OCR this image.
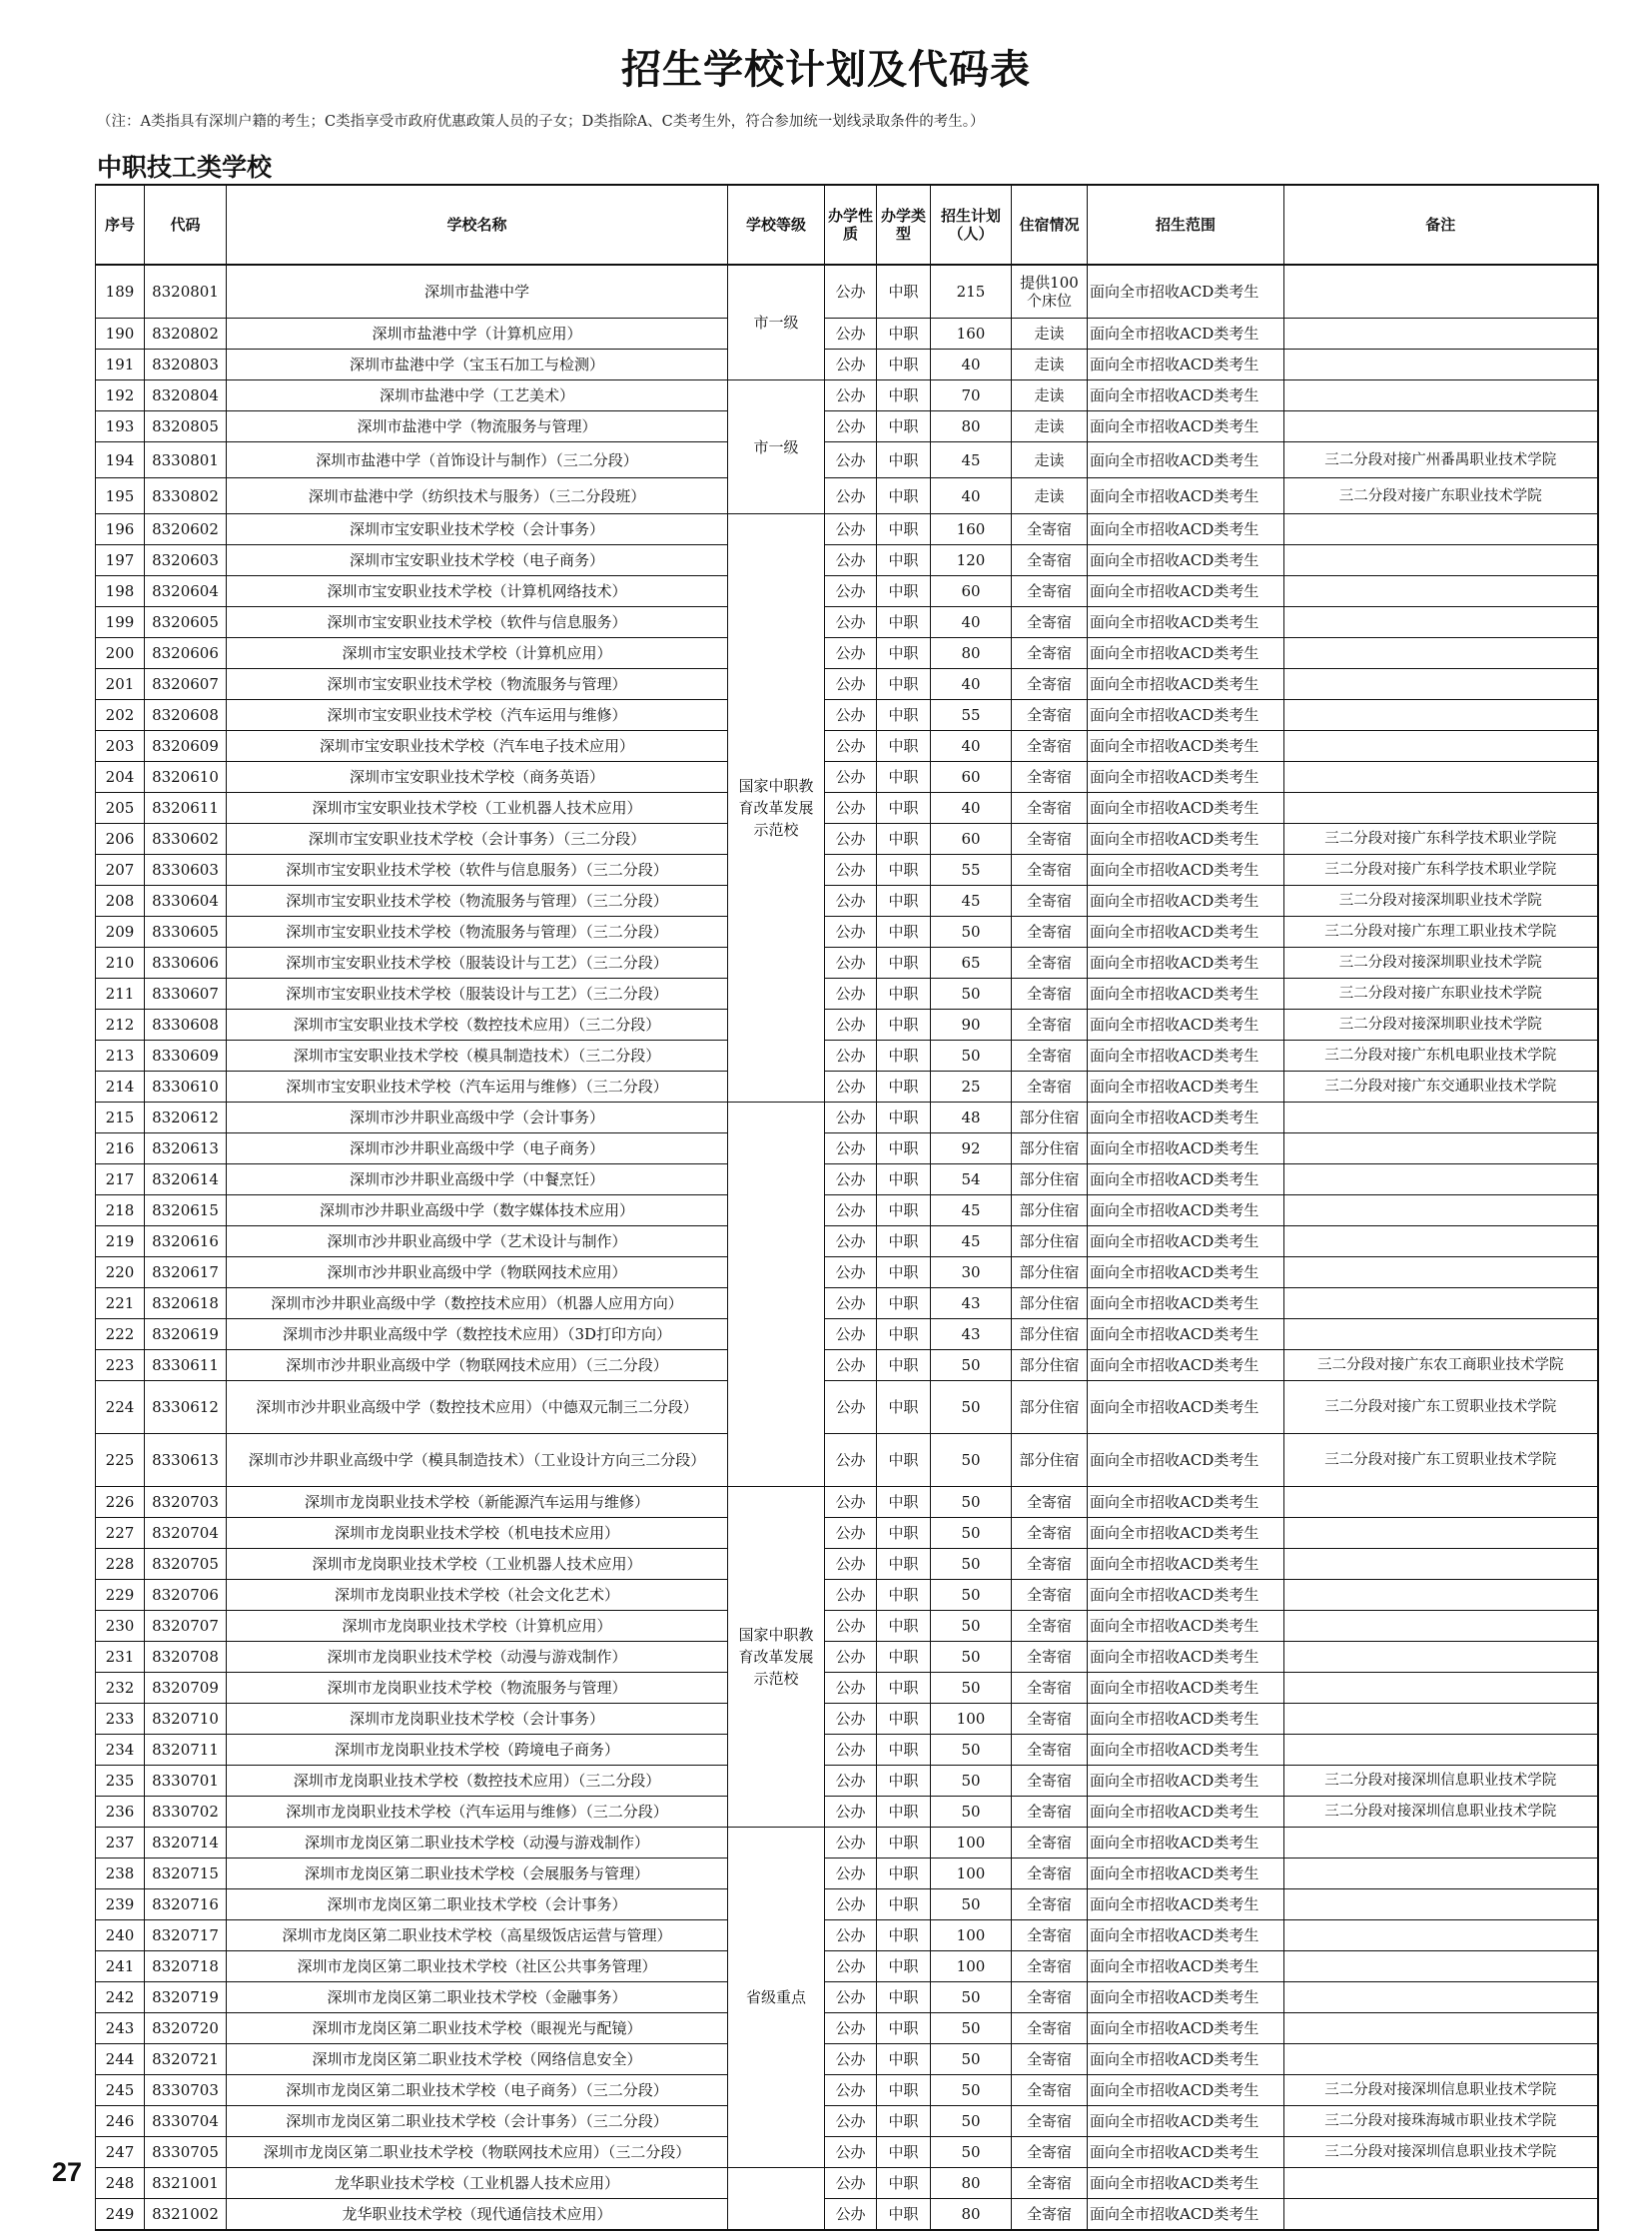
招生学校计划及代码表
（注：A类指具有深圳户籍的考生；C类指享受市政府优惠政策人员的子女；D类指除A、C类考生外，符合参加统一划线录取条件的考生。）
中职技工类学校
序号	代码	学校名称	学校等级	办学性质	办学类型	招生计划（人）	住宿情况	招生范围	备注
189	8320801	深圳市盐港中学	市一级	公办	中职	215	提供100个床位	面向全市招收ACD类考生	
190	8320802	深圳市盐港中学（计算机应用）		公办	中职	160	走读	面向全市招收ACD类考生	
191	8320803	深圳市盐港中学（宝玉石加工与检测）		公办	中职	40	走读	面向全市招收ACD类考生	
192	8320804	深圳市盐港中学（工艺美术）	市一级	公办	中职	70	走读	面向全市招收ACD类考生	
193	8320805	深圳市盐港中学（物流服务与管理）		公办	中职	80	走读	面向全市招收ACD类考生	
194	8330801	深圳市盐港中学（首饰设计与制作）（三二分段）		公办	中职	45	走读	面向全市招收ACD类考生	三二分段对接广州番禺职业技术学院
195	8330802	深圳市盐港中学（纺织技术与服务）（三二分段班）		公办	中职	40	走读	面向全市招收ACD类考生	三二分段对接广东职业技术学院
196	8320602	深圳市宝安职业技术学校（会计事务）	国家中职教育改革发展示范校	公办	中职	160	全寄宿	面向全市招收ACD类考生	
197	8320603	深圳市宝安职业技术学校（电子商务）		公办	中职	120	全寄宿	面向全市招收ACD类考生	
198	8320604	深圳市宝安职业技术学校（计算机网络技术）		公办	中职	60	全寄宿	面向全市招收ACD类考生	
199	8320605	深圳市宝安职业技术学校（软件与信息服务）		公办	中职	40	全寄宿	面向全市招收ACD类考生	
200	8320606	深圳市宝安职业技术学校（计算机应用）		公办	中职	80	全寄宿	面向全市招收ACD类考生	
201	8320607	深圳市宝安职业技术学校（物流服务与管理）		公办	中职	40	全寄宿	面向全市招收ACD类考生	
202	8320608	深圳市宝安职业技术学校（汽车运用与维修）		公办	中职	55	全寄宿	面向全市招收ACD类考生	
203	8320609	深圳市宝安职业技术学校（汽车电子技术应用）		公办	中职	40	全寄宿	面向全市招收ACD类考生	
204	8320610	深圳市宝安职业技术学校（商务英语）		公办	中职	60	全寄宿	面向全市招收ACD类考生	
205	8320611	深圳市宝安职业技术学校（工业机器人技术应用）		公办	中职	40	全寄宿	面向全市招收ACD类考生	
206	8330602	深圳市宝安职业技术学校（会计事务）（三二分段）		公办	中职	60	全寄宿	面向全市招收ACD类考生	三二分段对接广东科学技术职业学院
207	8330603	深圳市宝安职业技术学校（软件与信息服务）（三二分段）		公办	中职	55	全寄宿	面向全市招收ACD类考生	三二分段对接广东科学技术职业学院
208	8330604	深圳市宝安职业技术学校（物流服务与管理）（三二分段）		公办	中职	45	全寄宿	面向全市招收ACD类考生	三二分段对接深圳职业技术学院
209	8330605	深圳市宝安职业技术学校（物流服务与管理）（三二分段）		公办	中职	50	全寄宿	面向全市招收ACD类考生	三二分段对接广东理工职业技术学院
210	8330606	深圳市宝安职业技术学校（服装设计与工艺）（三二分段）		公办	中职	65	全寄宿	面向全市招收ACD类考生	三二分段对接深圳职业技术学院
211	8330607	深圳市宝安职业技术学校（服装设计与工艺）（三二分段）		公办	中职	50	全寄宿	面向全市招收ACD类考生	三二分段对接广东职业技术学院
212	8330608	深圳市宝安职业技术学校（数控技术应用）（三二分段）		公办	中职	90	全寄宿	面向全市招收ACD类考生	三二分段对接深圳职业技术学院
213	8330609	深圳市宝安职业技术学校（模具制造技术）（三二分段）		公办	中职	50	全寄宿	面向全市招收ACD类考生	三二分段对接广东机电职业技术学院
214	8330610	深圳市宝安职业技术学校（汽车运用与维修）（三二分段）		公办	中职	25	全寄宿	面向全市招收ACD类考生	三二分段对接广东交通职业技术学院
215	8320612	深圳市沙井职业高级中学（会计事务）		公办	中职	48	部分住宿	面向全市招收ACD类考生	
216	8320613	深圳市沙井职业高级中学（电子商务）		公办	中职	92	部分住宿	面向全市招收ACD类考生	
217	8320614	深圳市沙井职业高级中学（中餐烹饪）		公办	中职	54	部分住宿	面向全市招收ACD类考生	
218	8320615	深圳市沙井职业高级中学（数字媒体技术应用）		公办	中职	45	部分住宿	面向全市招收ACD类考生	
219	8320616	深圳市沙井职业高级中学（艺术设计与制作）		公办	中职	45	部分住宿	面向全市招收ACD类考生	
220	8320617	深圳市沙井职业高级中学（物联网技术应用）		公办	中职	30	部分住宿	面向全市招收ACD类考生	
221	8320618	深圳市沙井职业高级中学（数控技术应用）（机器人应用方向）		公办	中职	43	部分住宿	面向全市招收ACD类考生	
222	8320619	深圳市沙井职业高级中学（数控技术应用）（3D打印方向）		公办	中职	43	部分住宿	面向全市招收ACD类考生	
223	8330611	深圳市沙井职业高级中学（物联网技术应用）（三二分段）		公办	中职	50	部分住宿	面向全市招收ACD类考生	三二分段对接广东农工商职业技术学院
224	8330612	深圳市沙井职业高级中学（数控技术应用）（中德双元制三二分段）		公办	中职	50	部分住宿	面向全市招收ACD类考生	三二分段对接广东工贸职业技术学院
225	8330613	深圳市沙井职业高级中学（模具制造技术）（工业设计方向三二分段）		公办	中职	50	部分住宿	面向全市招收ACD类考生	三二分段对接广东工贸职业技术学院
226	8320703	深圳市龙岗职业技术学校（新能源汽车运用与维修）	国家中职教育改革发展示范校	公办	中职	50	全寄宿	面向全市招收ACD类考生	
227	8320704	深圳市龙岗职业技术学校（机电技术应用）		公办	中职	50	全寄宿	面向全市招收ACD类考生	
228	8320705	深圳市龙岗职业技术学校（工业机器人技术应用）		公办	中职	50	全寄宿	面向全市招收ACD类考生	
229	8320706	深圳市龙岗职业技术学校（社会文化艺术）		公办	中职	50	全寄宿	面向全市招收ACD类考生	
230	8320707	深圳市龙岗职业技术学校（计算机应用）		公办	中职	50	全寄宿	面向全市招收ACD类考生	
231	8320708	深圳市龙岗职业技术学校（动漫与游戏制作）		公办	中职	50	全寄宿	面向全市招收ACD类考生	
232	8320709	深圳市龙岗职业技术学校（物流服务与管理）		公办	中职	50	全寄宿	面向全市招收ACD类考生	
233	8320710	深圳市龙岗职业技术学校（会计事务）		公办	中职	100	全寄宿	面向全市招收ACD类考生	
234	8320711	深圳市龙岗职业技术学校（跨境电子商务）		公办	中职	50	全寄宿	面向全市招收ACD类考生	
235	8330701	深圳市龙岗职业技术学校（数控技术应用）（三二分段）		公办	中职	50	全寄宿	面向全市招收ACD类考生	三二分段对接深圳信息职业技术学院
236	8330702	深圳市龙岗职业技术学校（汽车运用与维修）（三二分段）		公办	中职	50	全寄宿	面向全市招收ACD类考生	三二分段对接深圳信息职业技术学院
237	8320714	深圳市龙岗区第二职业技术学校（动漫与游戏制作）	省级重点	公办	中职	100	全寄宿	面向全市招收ACD类考生	
238	8320715	深圳市龙岗区第二职业技术学校（会展服务与管理）		公办	中职	100	全寄宿	面向全市招收ACD类考生	
239	8320716	深圳市龙岗区第二职业技术学校（会计事务）		公办	中职	50	全寄宿	面向全市招收ACD类考生	
240	8320717	深圳市龙岗区第二职业技术学校（高星级饭店运营与管理）		公办	中职	100	全寄宿	面向全市招收ACD类考生	
241	8320718	深圳市龙岗区第二职业技术学校（社区公共事务管理）		公办	中职	100	全寄宿	面向全市招收ACD类考生	
242	8320719	深圳市龙岗区第二职业技术学校（金融事务）		公办	中职	50	全寄宿	面向全市招收ACD类考生	
243	8320720	深圳市龙岗区第二职业技术学校（眼视光与配镜）		公办	中职	50	全寄宿	面向全市招收ACD类考生	
244	8320721	深圳市龙岗区第二职业技术学校（网络信息安全）		公办	中职	50	全寄宿	面向全市招收ACD类考生	
245	8330703	深圳市龙岗区第二职业技术学校（电子商务）（三二分段）		公办	中职	50	全寄宿	面向全市招收ACD类考生	三二分段对接深圳信息职业技术学院
246	8330704	深圳市龙岗区第二职业技术学校（会计事务）（三二分段）		公办	中职	50	全寄宿	面向全市招收ACD类考生	三二分段对接珠海城市职业技术学院
247	8330705	深圳市龙岗区第二职业技术学校（物联网技术应用）（三二分段）		公办	中职	50	全寄宿	面向全市招收ACD类考生	三二分段对接深圳信息职业技术学院
248	8321001	龙华职业技术学校（工业机器人技术应用）		公办	中职	80	全寄宿	面向全市招收ACD类考生	
249	8321002	龙华职业技术学校（现代通信技术应用）		公办	中职	80	全寄宿	面向全市招收ACD类考生	
27
